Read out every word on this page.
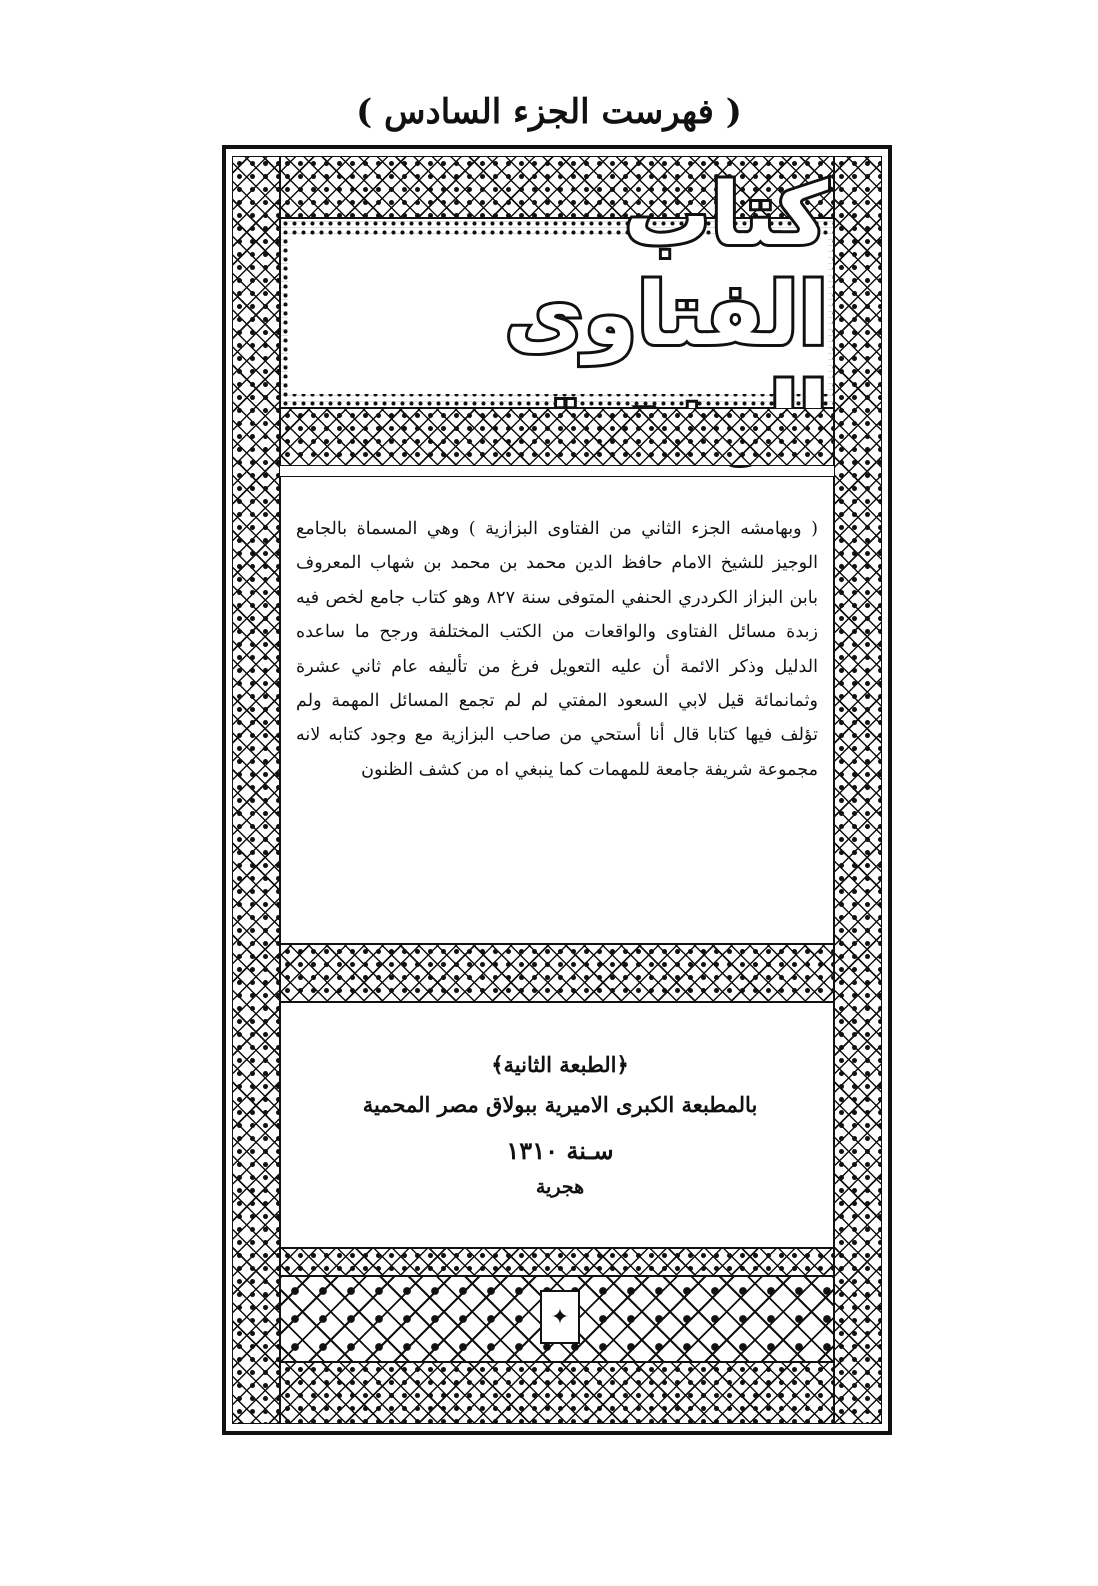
( فهرست الجزء السادس )
كتاب الفتاوى
( وبهامشه الجزء الثاني من الفتاوى البزازية ) وهي المسماة بالجامع الوجيز للشيخ الامام حافظ الدين محمد بن محمد بن شهاب المعروف بابن البزاز الكردري الحنفي المتوفى سنة ٨٢٧ وهو كتاب جامع لخص فيه زبدة مسائل الفتاوى والواقعات من الكتب المختلفة ورجح ما ساعده الدليل وذكر الائمة أن عليه التعويل فرغ من تأليفه عام ثاني عشرة وثمانمائة قيل لابي السعود المفتي لم لم تجمع المسائل المهمة ولم تؤلف فيها كتابا قال أنا أستحي من صاحب البزازية مع وجود كتابه لانه مجموعة شريفة جامعة للمهمات كما ينبغي اه من كشف الظنون
﴿الطبعة الثانية﴾
بالمطبعة الكبرى الاميرية ببولاق مصر المحمية
سـنة ١٣١٠
هجرية
✦
